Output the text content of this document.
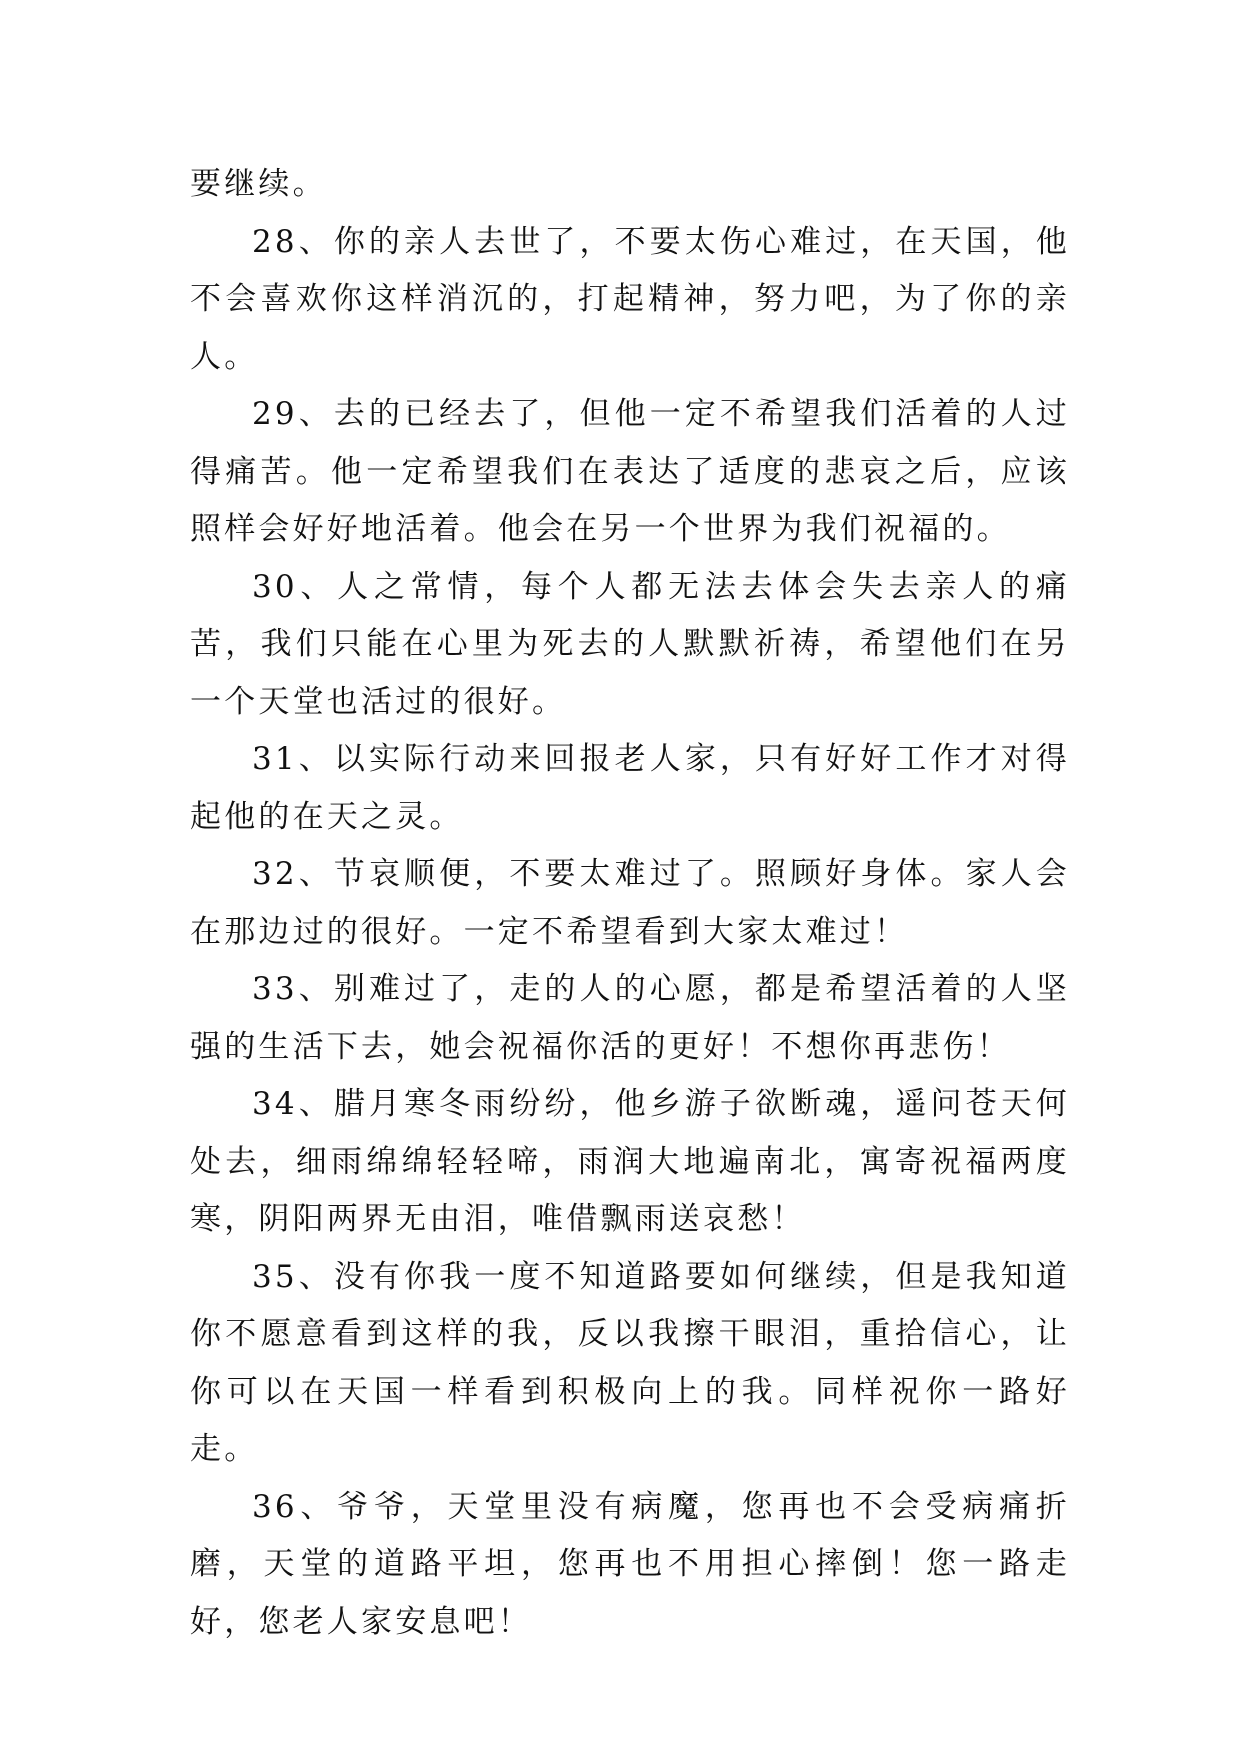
要继续。

28、你的亲人去世了，不要太伤心难过，在天国，他不会喜欢你这样消沉的，打起精神，努力吧，为了你的亲人。

29、去的已经去了，但他一定不希望我们活着的人过得痛苦。他一定希望我们在表达了适度的悲哀之后，应该照样会好好地活着。他会在另一个世界为我们祝福的。

30、人之常情，每个人都无法去体会失去亲人的痛苦，我们只能在心里为死去的人默默祈祷，希望他们在另一个天堂也活过的很好。

31、以实际行动来回报老人家，只有好好工作才对得起他的在天之灵。

32、节哀顺便，不要太难过了。照顾好身体。家人会在那边过的很好。一定不希望看到大家太难过！

33、别难过了，走的人的心愿，都是希望活着的人坚强的生活下去，她会祝福你活的更好！不想你再悲伤！

34、腊月寒冬雨纷纷，他乡游子欲断魂，遥问苍天何处去，细雨绵绵轻轻啼，雨润大地遍南北，寓寄祝福两度寒，阴阳两界无由泪，唯借飘雨送哀愁！

35、没有你我一度不知道路要如何继续，但是我知道你不愿意看到这样的我，反以我擦干眼泪，重拾信心，让你可以在天国一样看到积极向上的我。同样祝你一路好走。

36、爷爷，天堂里没有病魔，您再也不会受病痛折磨，天堂的道路平坦，您再也不用担心摔倒！您一路走好，您老人家安息吧！
